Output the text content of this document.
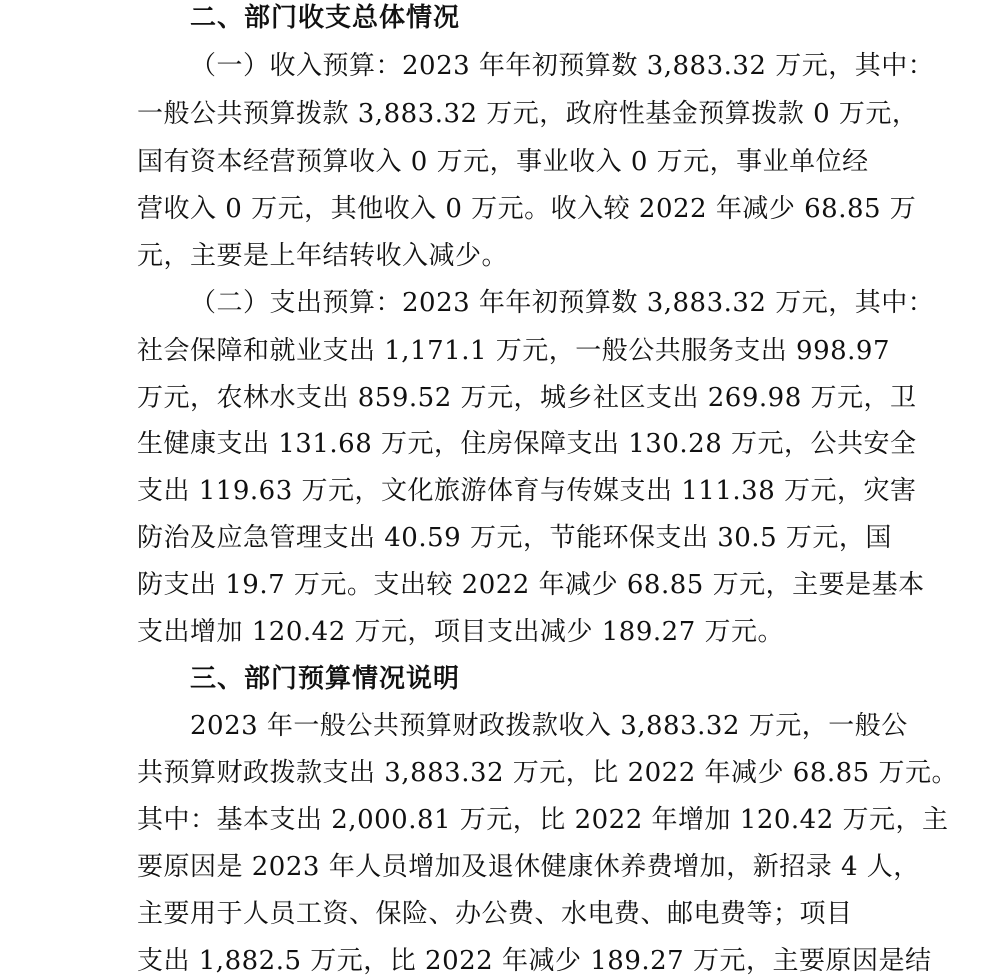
二、部门收支总体情况

（一）收入预算：2023 年年初预算数 3,883.32 万元，其中：

一般公共预算拨款 3,883.32 万元，政府性基金预算拨款 0 万元，

国有资本经营预算收入 0 万元，事业收入 0 万元，事业单位经

营收入 0 万元，其他收入 0 万元。收入较 2022 年减少 68.85 万

元，主要是上年结转收入减少。

（二）支出预算：2023 年年初预算数 3,883.32 万元，其中：

社会保障和就业支出 1,171.1 万元，一般公共服务支出 998.97

万元，农林水支出 859.52 万元，城乡社区支出 269.98 万元，卫

生健康支出 131.68 万元，住房保障支出 130.28 万元，公共安全

支出 119.63 万元，文化旅游体育与传媒支出 111.38 万元，灾害

防治及应急管理支出 40.59 万元，节能环保支出 30.5 万元，国

防支出 19.7 万元。支出较 2022 年减少 68.85 万元，主要是基本

支出增加 120.42 万元，项目支出减少 189.27 万元。

三、部门预算情况说明

2023 年一般公共预算财政拨款收入 3,883.32 万元，一般公

共预算财政拨款支出 3,883.32 万元，比 2022 年减少 68.85 万元。

其中：基本支出 2,000.81 万元，比 2022 年增加 120.42 万元，主

要原因是 2023 年人员增加及退休健康休养费增加，新招录 4 人，

主要用于人员工资、保险、办公费、水电费、邮电费等；项目

支出 1,882.5 万元，比 2022 年减少 189.27 万元，主要原因是结
